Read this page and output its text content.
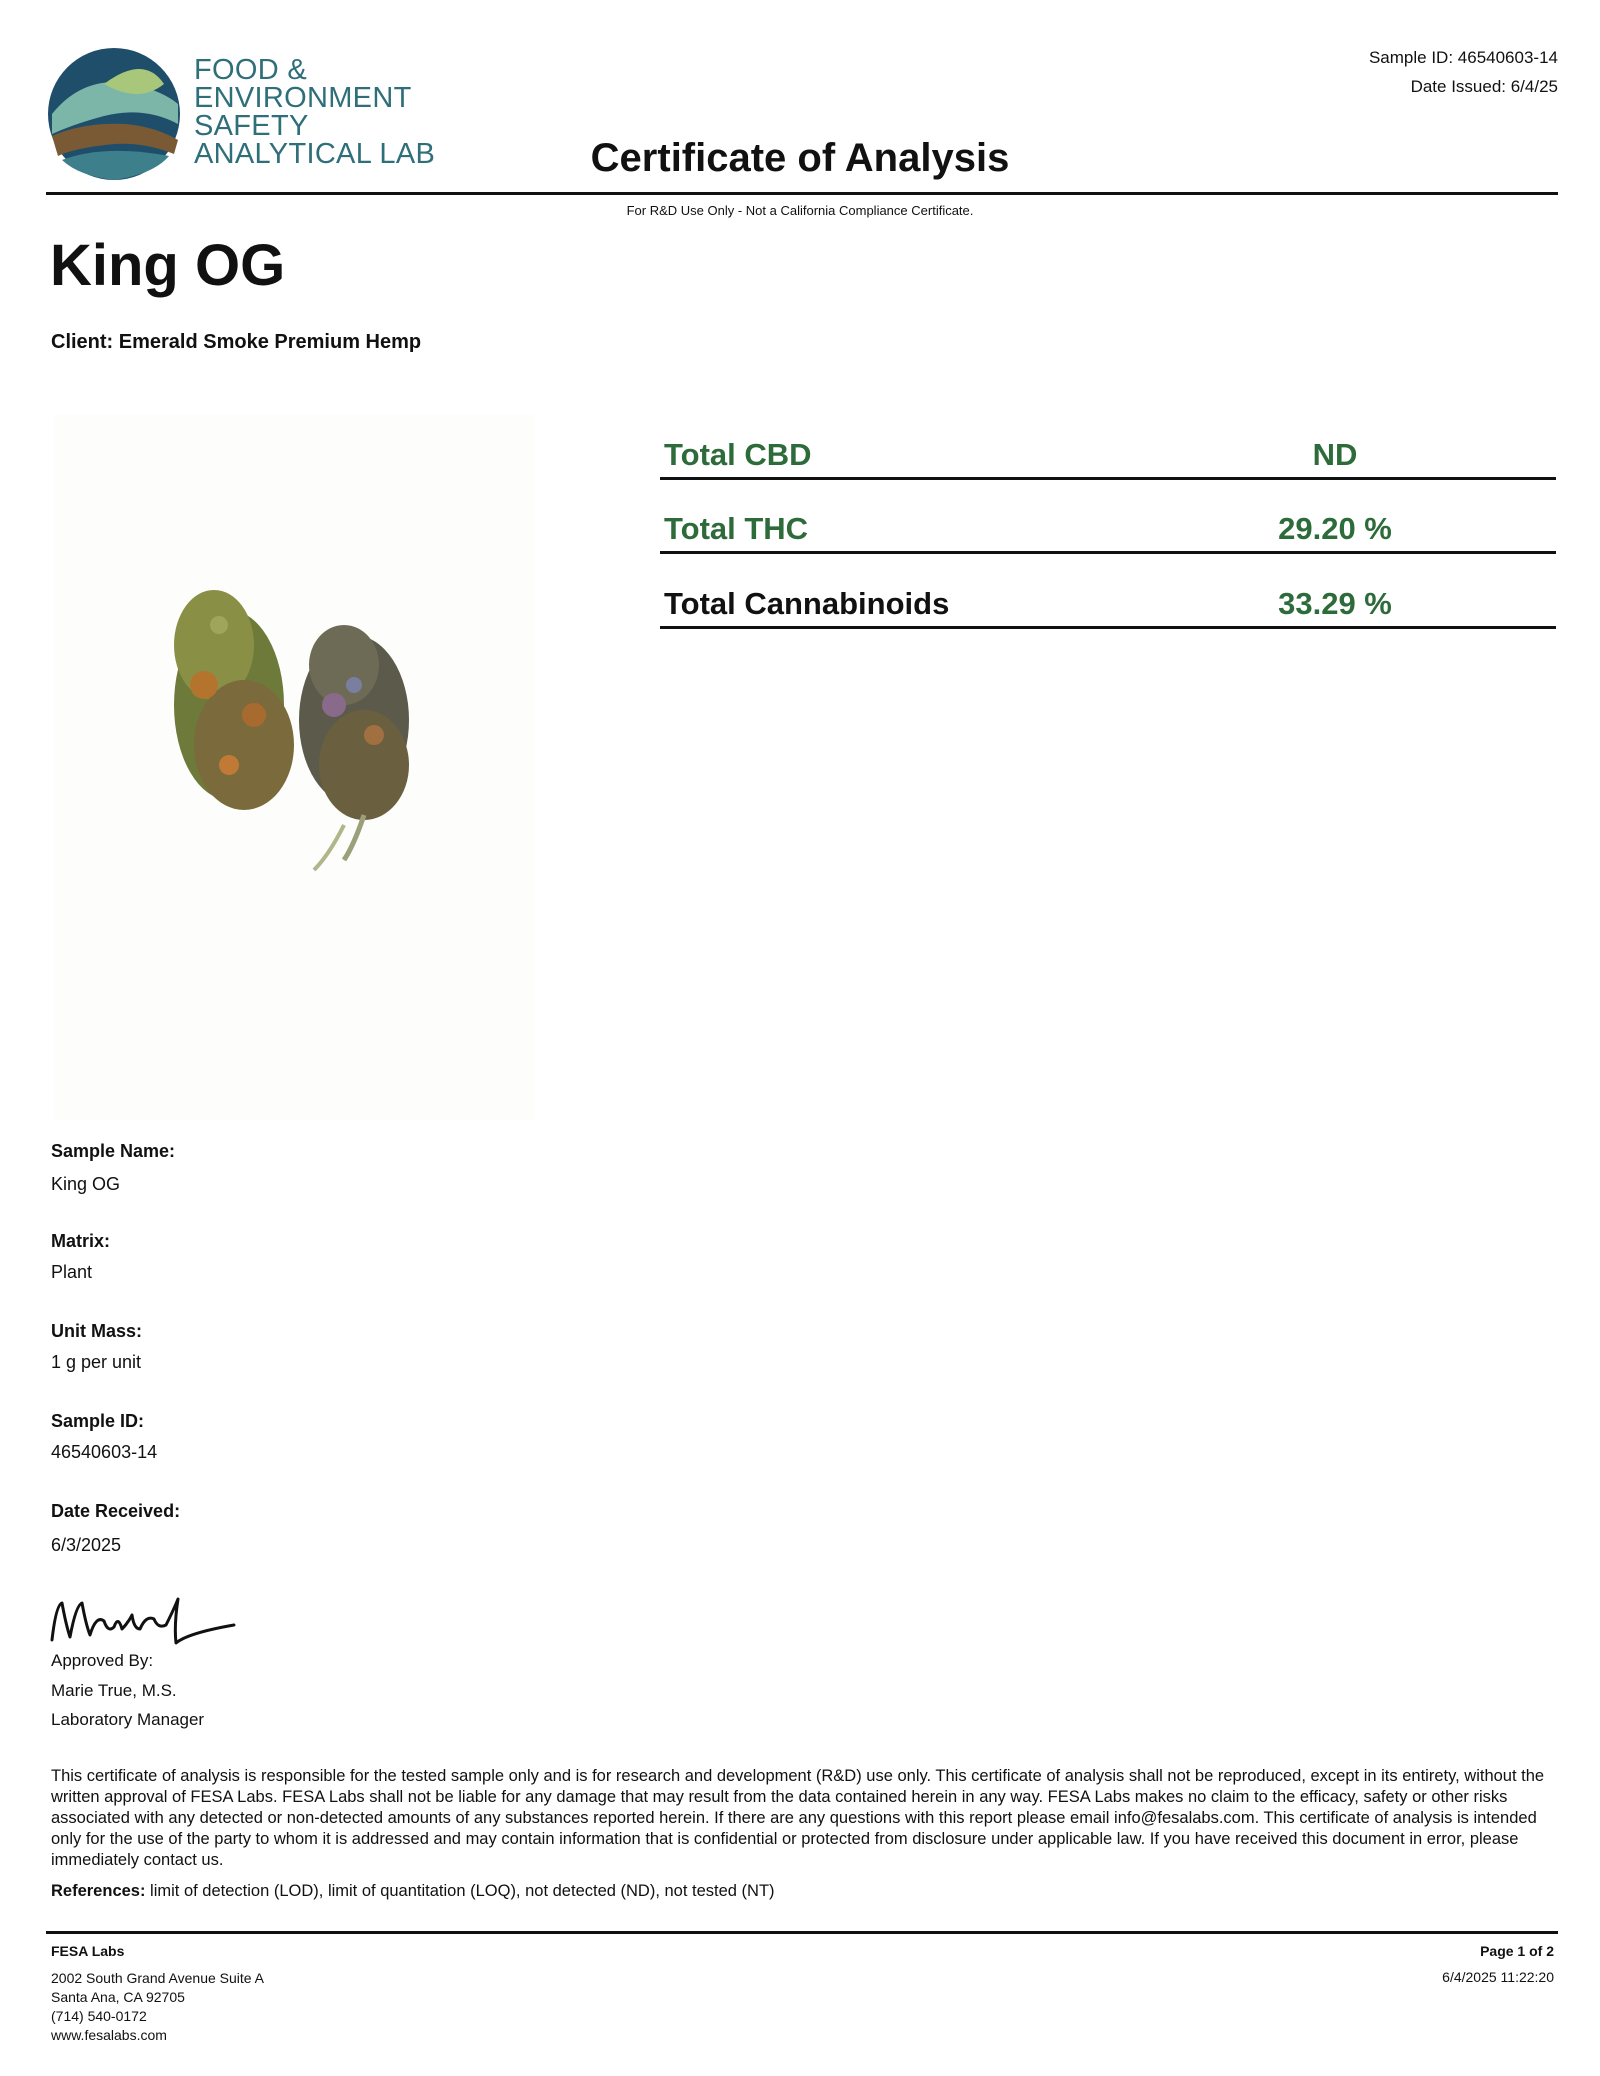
FOOD &
ENVIRONMENT
SAFETY
ANALYTICAL LAB
Sample ID: 46540603-14
Date Issued: 6/4/25
Certificate of Analysis
For R&D Use Only - Not a California Compliance Certificate.
King OG
Client: Emerald Smoke Premium Hemp
Total CBD	ND
Total THC	29.20 %
Total Cannabinoids	33.29 %
Sample Name:
King OG
Matrix:
Plant
Unit Mass:
1 g per unit
Sample ID:
46540603-14
Date Received:
6/3/2025
Approved By:
Marie True, M.S.
Laboratory Manager
This certificate of analysis is responsible for the tested sample only and is for research and development (R&D) use only. This certificate of analysis shall not be reproduced, except in its entirety, without the written approval of FESA Labs. FESA Labs shall not be liable for any damage that may result from the data contained herein in any way. FESA Labs makes no claim to the efficacy, safety or other risks associated with any detected or non-detected amounts of any substances reported herein. If there are any questions with this report please email info@fesalabs.com. This certificate of analysis is intended only for the use of the party to whom it is addressed and may contain information that is confidential or protected from disclosure under applicable law. If you have received this document in error, please immediately contact us.
References: limit of detection (LOD), limit of quantitation (LOQ), not detected (ND), not tested (NT)
FESA Labs
2002 South Grand Avenue Suite A
Santa Ana, CA 92705
(714) 540-0172
www.fesalabs.com
Page 1 of 2
6/4/2025 11:22:20
